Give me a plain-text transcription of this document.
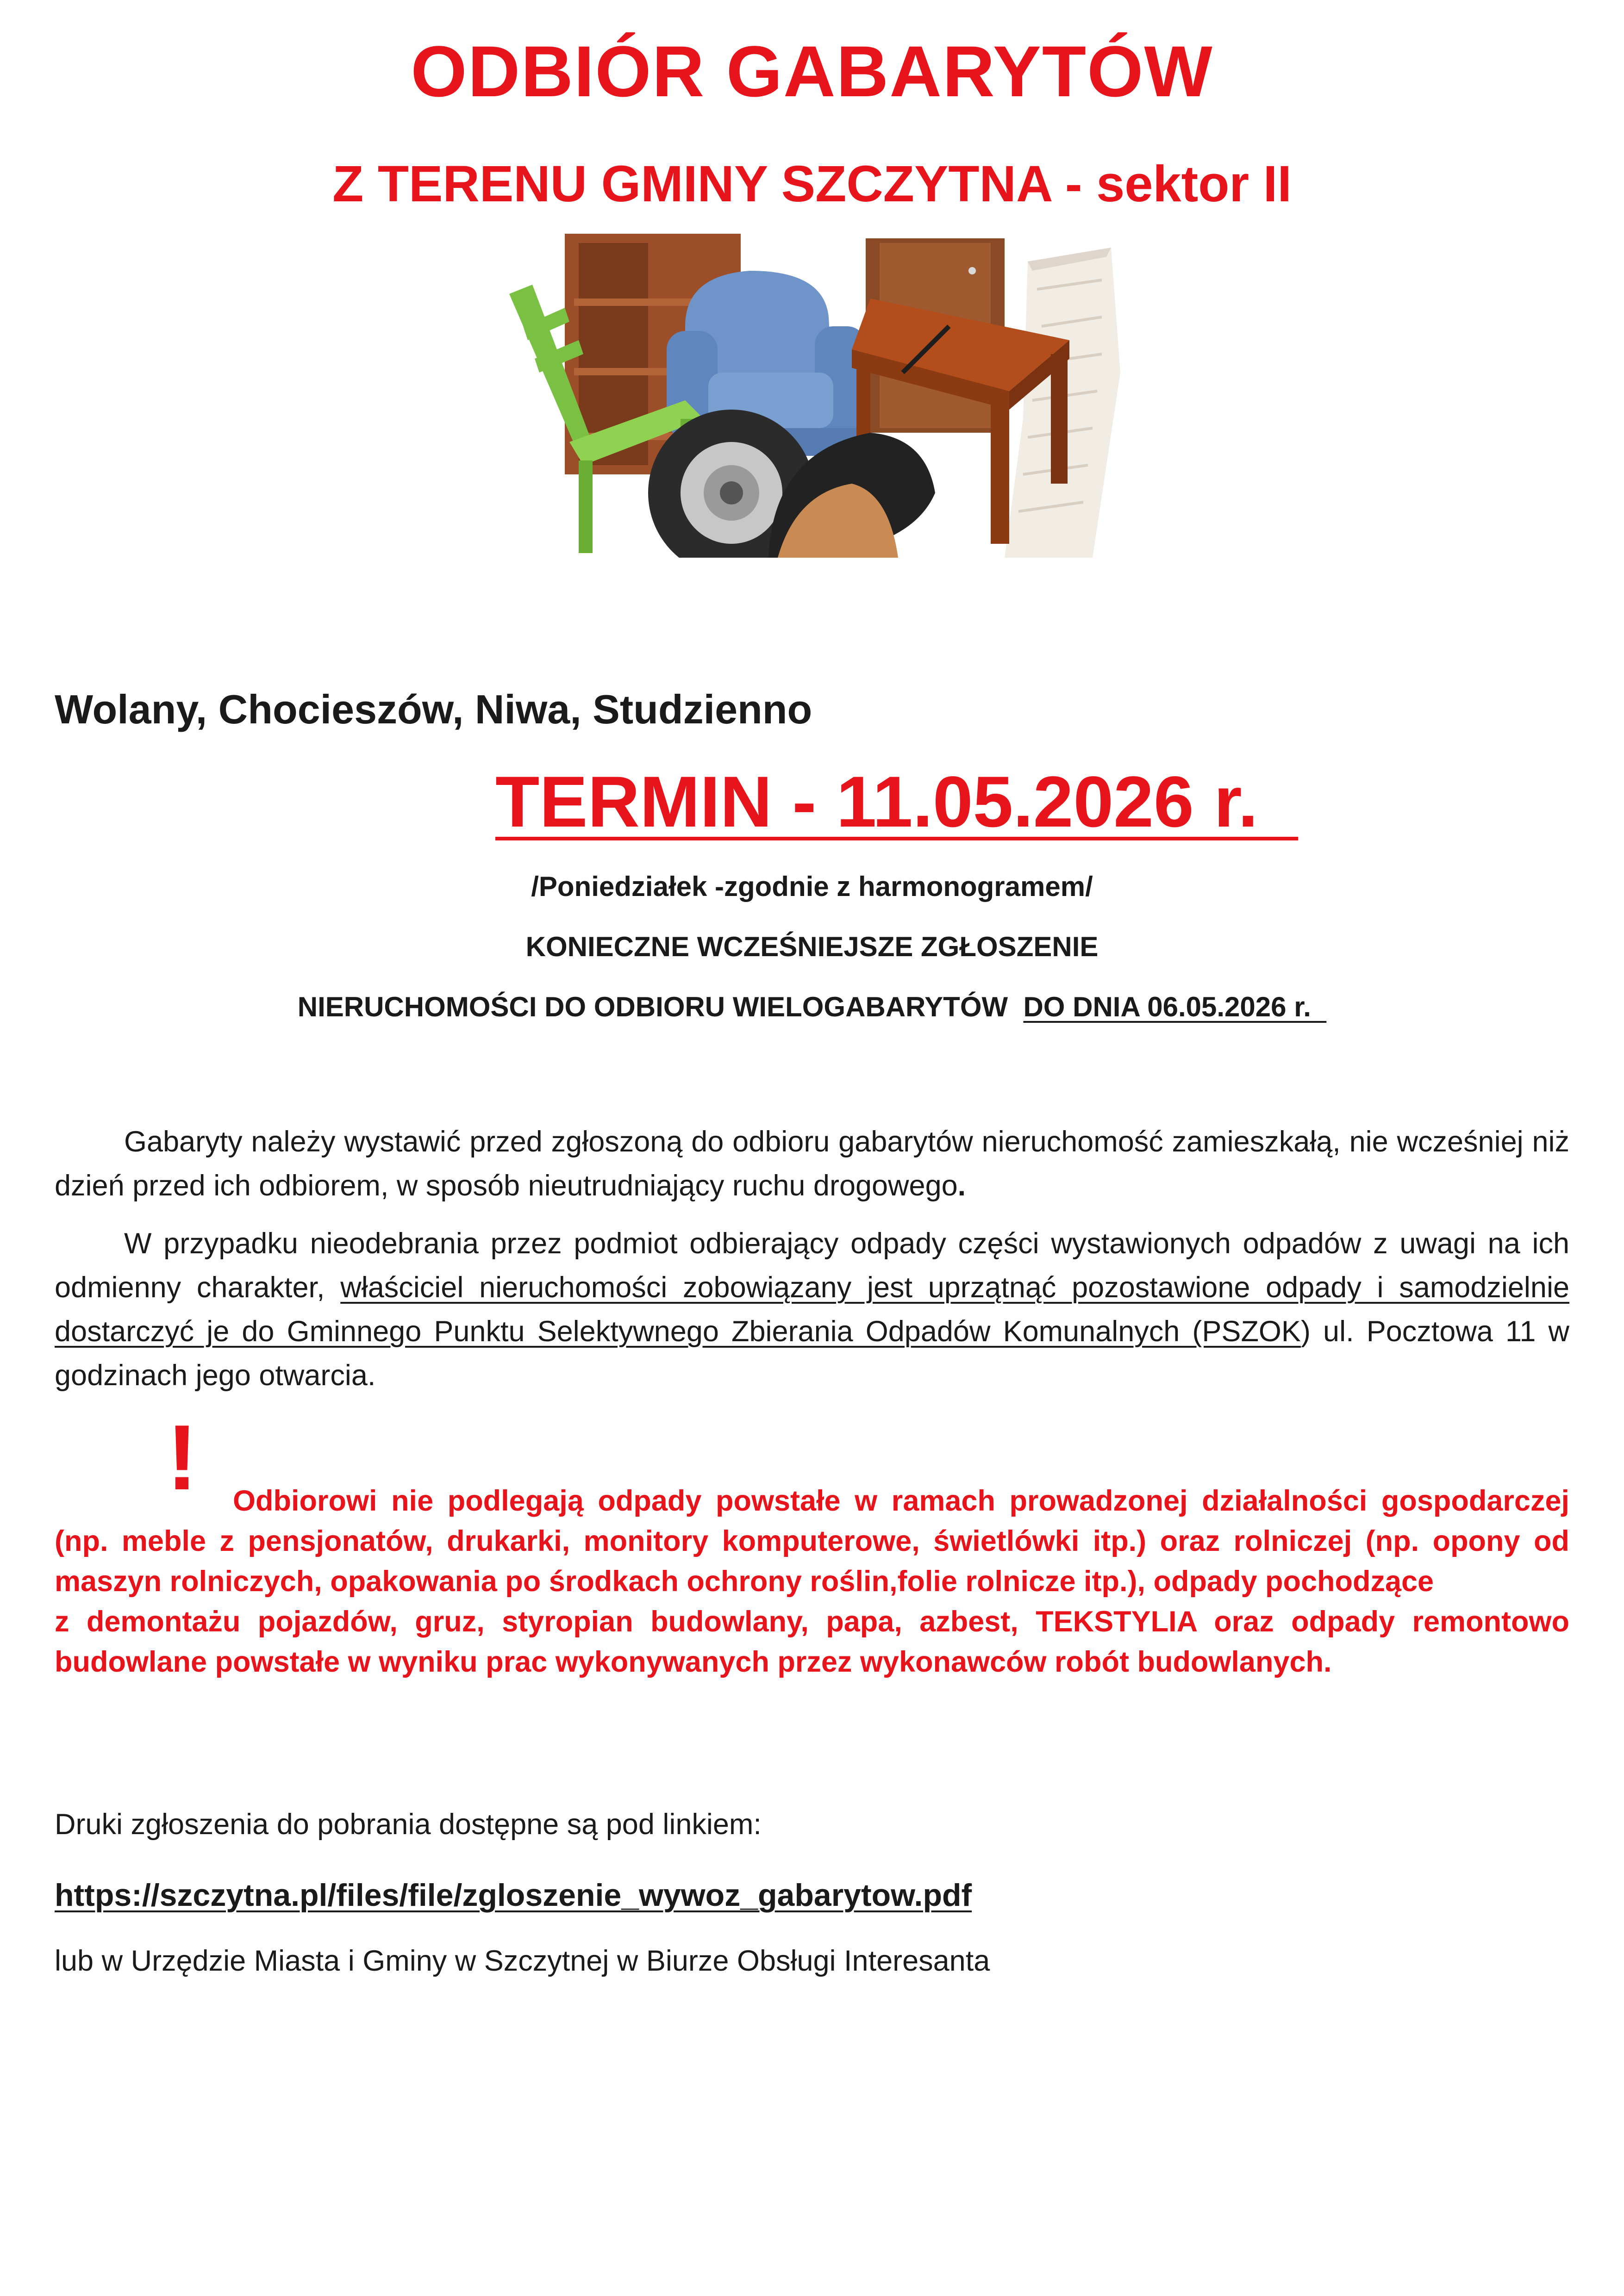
ODBIÓR GABARYTÓW
Z TERENU GMINY SZCZYTNA - sektor II
Wolany, Chocieszów, Niwa, Studzienno
TERMIN - 11.05.2026 r.
/Poniedziałek -zgodnie z harmonogramem/
KONIECZNE WCZEŚNIEJSZE ZGŁOSZENIE
NIERUCHOMOŚCI DO ODBIORU WIELOGABARYTÓW  DO DNIA 06.05.2026 r.
Gabaryty należy wystawić przed zgłoszoną do odbioru gabarytów nieruchomość zamieszkałą, nie wcześniej niż dzień przed ich odbiorem, w sposób nieutrudniający ruchu drogowego.
W przypadku nieodebrania przez podmiot odbierający odpady części wystawionych odpadów z uwagi na ich odmienny charakter, właściciel nieruchomości zobowiązany jest uprzątnąć pozostawione odpady i samodzielnie dostarczyć je do Gminnego Punktu Selektywnego Zbierania Odpadów Komunalnych (PSZOK) ul. Pocztowa 11 w godzinach jego otwarcia.
!	Odbiorowi nie podlegają odpady powstałe w ramach prowadzonej działalności gospodarczej (np. meble z pensjonatów, drukarki, monitory komputerowe, świetlówki itp.) oraz rolniczej (np. opony od maszyn rolniczych, opakowania po środkach ochrony roślin,folie rolnicze itp.), odpady pochodzące
z demontażu pojazdów, gruz, styropian budowlany, papa, azbest, TEKSTYLIA oraz odpady remontowo budowlane powstałe w wyniku prac wykonywanych przez wykonawców robót budowlanych.
Druki zgłoszenia do pobrania dostępne są pod linkiem:
https://szczytna.pl/files/file/zgloszenie_wywoz_gabarytow.pdf
lub w Urzędzie Miasta i Gminy w Szczytnej w Biurze Obsługi Interesanta
